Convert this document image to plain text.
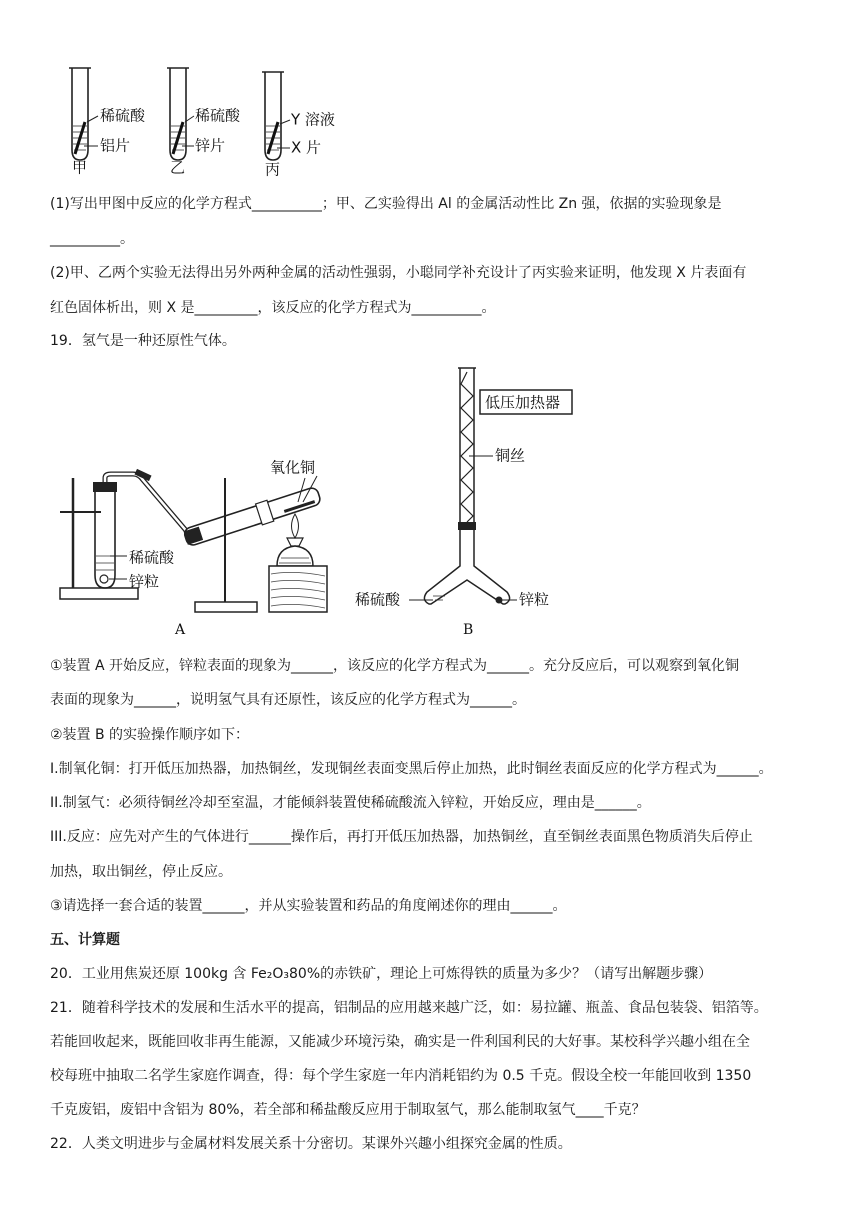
稀硫酸
铝片
甲
稀硫酸
锌片
乙
Y 溶液
X 片
丙
(1)写出甲图中反应的化学方程式__________；甲、乙实验得出 Al 的金属活动性比 Zn 强，依据的实验现象是
__________。
(2)甲、乙两个实验无法得出另外两种金属的活动性强弱，小聪同学补充设计了丙实验来证明，他发现 X 片表面有
红色固体析出，则 X 是_________，该反应的化学方程式为__________。
19．氢气是一种还原性气体。
稀硫酸
锌粒
氧化铜
A
低压加热器
铜丝
稀硫酸	锌粒
B
①装置 A 开始反应，锌粒表面的现象为______，该反应的化学方程式为______。充分反应后，可以观察到氧化铜
表面的现象为______，说明氢气具有还原性，该反应的化学方程式为______。
②装置 B 的实验操作顺序如下：
I.制氧化铜：打开低压加热器，加热铜丝，发现铜丝表面变黑后停止加热，此时铜丝表面反应的化学方程式为______。
II.制氢气：必须待铜丝冷却至室温，才能倾斜装置使稀硫酸流入锌粒，开始反应，理由是______。
III.反应：应先对产生的气体进行______操作后，再打开低压加热器，加热铜丝，直至铜丝表面黑色物质消失后停止
加热，取出铜丝，停止反应。
③请选择一套合适的装置______，并从实验装置和药品的角度阐述你的理由______。
五、计算题
20．工业用焦炭还原 100kg 含 Fe₂O₃80%的赤铁矿，理论上可炼得铁的质量为多少？（请写出解题步骤）
21．随着科学技术的发展和生活水平的提高，铝制品的应用越来越广泛，如：易拉罐、瓶盖、食品包装袋、铝箔等。
若能回收起来，既能回收非再生能源，又能减少环境污染，确实是一件利国利民的大好事。某校科学兴趣小组在全
校每班中抽取二名学生家庭作调查，得：每个学生家庭一年内消耗铝约为 0.5 千克。假设全校一年能回收到 1350
千克废铝，废铝中含铝为 80%，若全部和稀盐酸反应用于制取氢气，那么能制取氢气____千克？
22．人类文明进步与金属材料发展关系十分密切。某课外兴趣小组探究金属的性质。
